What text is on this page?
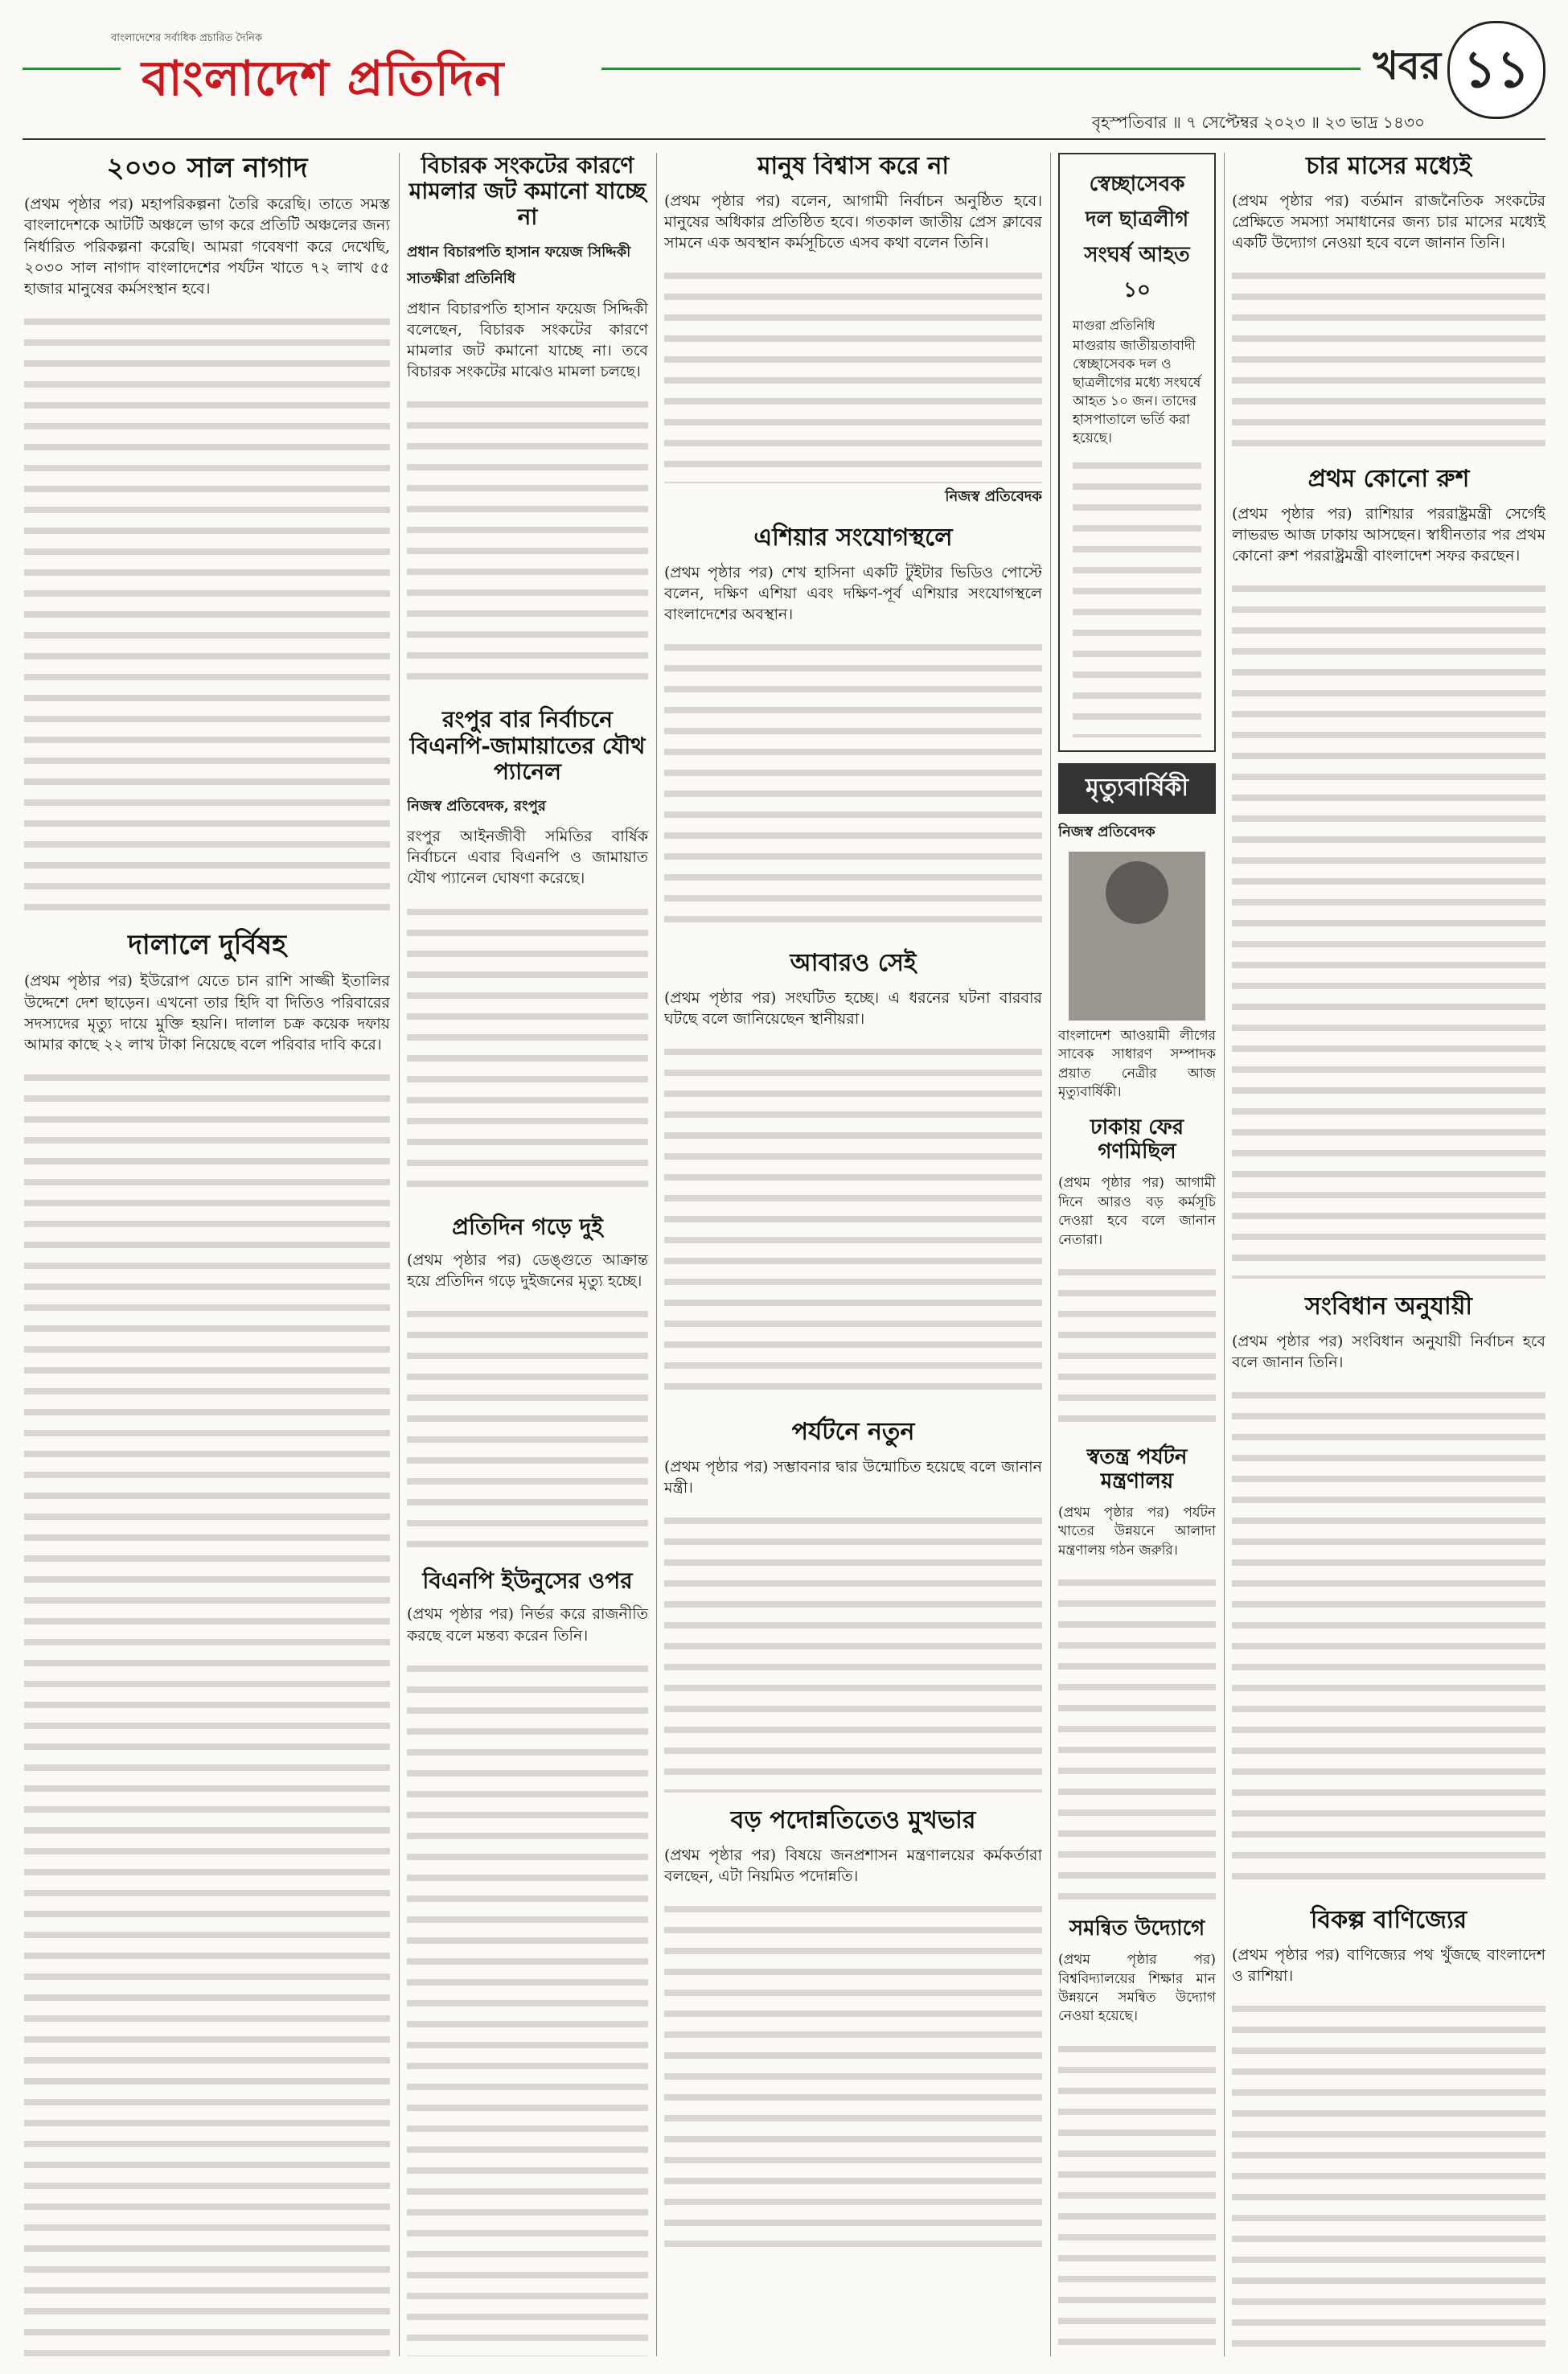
বাংলাদেশের সর্বাধিক প্রচারিত দৈনিক
বাংলাদেশ প্রতিদিন	খবর ১১
বৃহস্পতিবার ॥ ৭ সেপ্টেম্বর ২০২৩ ॥ ২৩ ভাদ্র ১৪৩০
২০৩০ সাল নাগাদ

(প্রথম পৃষ্ঠার পর) মহাপরিকল্পনা তৈরি করেছি। তাতে সমস্ত বাংলাদেশকে আটটি অঞ্চলে ভাগ করে প্রতিটি অঞ্চলের জন্য নির্ধারিত পরিকল্পনা করেছি। আমরা গবেষণা করে দেখেছি, ২০৩০ সাল নাগাদ বাংলাদেশের পর্যটন খাতে ৭২ লাখ ৫৫ হাজার মানুষের কর্মসংস্থান হবে।

দালালে দুর্বিষহ

(প্রথম পৃষ্ঠার পর) ইউরোপ যেতে চান রাশি সাজ্জী ইতালির উদ্দেশে দেশ ছাড়েন। এখনো তার হিদি বা দিতিও পরিবারের সদস্যদের মৃত্যু দায়ে মুক্তি হয়নি। দালাল চক্র কয়েক দফায় আমার কাছে ২২ লাখ টাকা নিয়েছে বলে পরিবার দাবি করে।

বিচারক সংকটের কারণে মামলার জট কমানো যাচ্ছে না
প্রধান বিচারপতি হাসান ফয়েজ সিদ্দিকী
সাতক্ষীরা প্রতিনিধি

প্রধান বিচারপতি হাসান ফয়েজ সিদ্দিকী বলেছেন, বিচারক সংকটের কারণে মামলার জট কমানো যাচ্ছে না। তবে বিচারক সংকটের মাঝেও মামলা চলছে।

রংপুর বার নির্বাচনে বিএনপি-জামায়াতের যৌথ প্যানেল
নিজস্ব প্রতিবেদক, রংপুর

রংপুর আইনজীবী সমিতির বার্ষিক নির্বাচনে এবার বিএনপি ও জামায়াত যৌথ প্যানেল ঘোষণা করেছে।

প্রতিদিন গড়ে দুই

(প্রথম পৃষ্ঠার পর) ডেঙ্গুতে আক্রান্ত হয়ে প্রতিদিন গড়ে দুইজনের মৃত্যু হচ্ছে।

বিএনপি ইউনুসের ওপর

(প্রথম পৃষ্ঠার পর) নির্ভর করে রাজনীতি করছে বলে মন্তব্য করেন তিনি।

মানুষ বিশ্বাস করে না

(প্রথম পৃষ্ঠার পর) বলেন, আগামী নির্বাচন অনুষ্ঠিত হবে। মানুষের অধিকার প্রতিষ্ঠিত হবে। গতকাল জাতীয় প্রেস ক্লাবের সামনে এক অবস্থান কর্মসূচিতে এসব কথা বলেন তিনি।

নিজস্ব প্রতিবেদক
এশিয়ার সংযোগস্থলে

(প্রথম পৃষ্ঠার পর) শেখ হাসিনা একটি টুইটার ভিডিও পোস্টে বলেন, দক্ষিণ এশিয়া এবং দক্ষিণ-পূর্ব এশিয়ার সংযোগস্থলে বাংলাদেশের অবস্থান।

আবারও সেই

(প্রথম পৃষ্ঠার পর) সংঘটিত হচ্ছে। এ ধরনের ঘটনা বারবার ঘটছে বলে জানিয়েছেন স্থানীয়রা।

পর্যটনে নতুন

(প্রথম পৃষ্ঠার পর) সম্ভাবনার দ্বার উন্মোচিত হয়েছে বলে জানান মন্ত্রী।

বড় পদোন্নতিতেও মুখভার

(প্রথম পৃষ্ঠার পর) বিষয়ে জনপ্রশাসন মন্ত্রণালয়ের কর্মকর্তারা বলছেন, এটা নিয়মিত পদোন্নতি।

স্বেচ্ছাসেবক দল ছাত্রলীগ সংঘর্ষ আহত ১০
মাগুরা প্রতিনিধি

মাগুরায় জাতীয়তাবাদী স্বেচ্ছাসেবক দল ও ছাত্রলীগের মধ্যে সংঘর্ষে আহত ১০ জন। তাদের হাসপাতালে ভর্তি করা হয়েছে।

মৃত্যুবার্ষিকী
নিজস্ব প্রতিবেদক

বাংলাদেশ আওয়ামী লীগের সাবেক সাধারণ সম্পাদক প্রয়াত নেত্রীর আজ মৃত্যুবার্ষিকী।

ঢাকায় ফের গণমিছিল

(প্রথম পৃষ্ঠার পর) আগামী দিনে আরও বড় কর্মসূচি দেওয়া হবে বলে জানান নেতারা।

স্বতন্ত্র পর্যটন মন্ত্রণালয়

(প্রথম পৃষ্ঠার পর) পর্যটন খাতের উন্নয়নে আলাদা মন্ত্রণালয় গঠন জরুরি।

সমন্বিত উদ্যোগে

(প্রথম পৃষ্ঠার পর) বিশ্ববিদ্যালয়ের শিক্ষার মান উন্নয়নে সমন্বিত উদ্যোগ নেওয়া হয়েছে।

চার মাসের মধ্যেই

(প্রথম পৃষ্ঠার পর) বর্তমান রাজনৈতিক সংকটের প্রেক্ষিতে সমস্যা সমাধানের জন্য চার মাসের মধ্যেই একটি উদ্যোগ নেওয়া হবে বলে জানান তিনি।

প্রথম কোনো রুশ

(প্রথম পৃষ্ঠার পর) রাশিয়ার পররাষ্ট্রমন্ত্রী সের্গেই লাভরভ আজ ঢাকায় আসছেন। স্বাধীনতার পর প্রথম কোনো রুশ পররাষ্ট্রমন্ত্রী বাংলাদেশ সফর করছেন।

সংবিধান অনুযায়ী

(প্রথম পৃষ্ঠার পর) সংবিধান অনুযায়ী নির্বাচন হবে বলে জানান তিনি।

বিকল্প বাণিজ্যের

(প্রথম পৃষ্ঠার পর) বাণিজ্যের পথ খুঁজছে বাংলাদেশ ও রাশিয়া।
